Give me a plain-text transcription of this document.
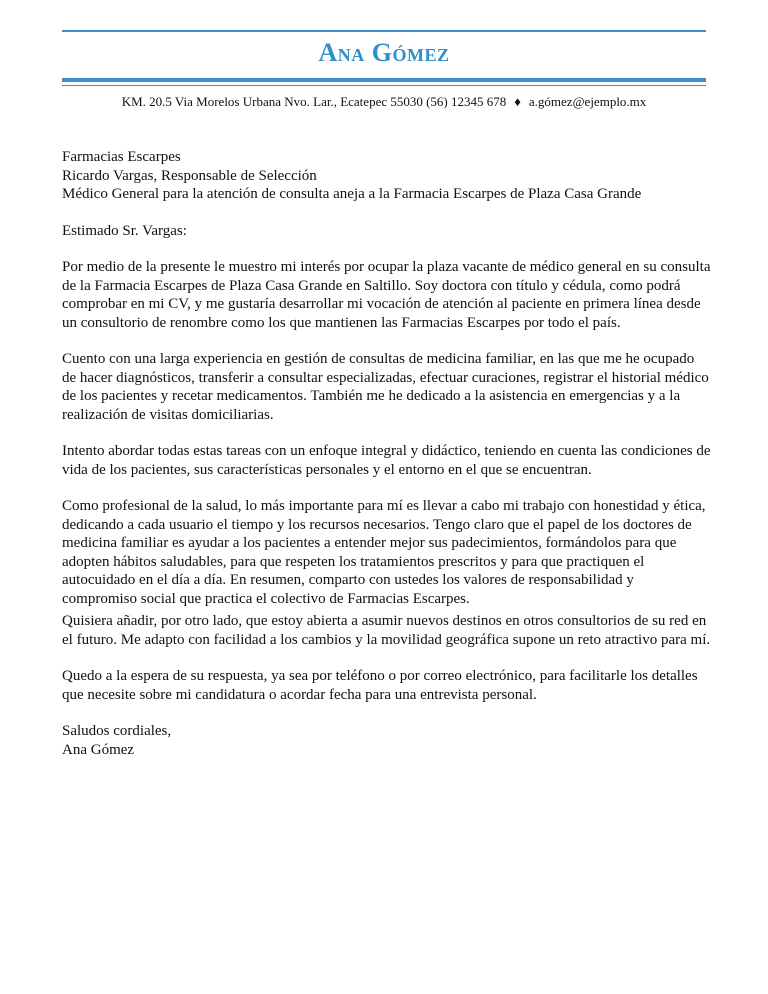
Ana Gómez
KM. 20.5 Via Morelos Urbana Nvo. Lar., Ecatepec 55030 (56) 12345 678 ♦ a.gómez@ejemplo.mx

Farmacias Escarpes

Ricardo Vargas, Responsable de Selección

Médico General para la atención de consulta aneja a la Farmacia Escarpes de Plaza Casa Grande

Estimado Sr. Vargas:

Por medio de la presente le muestro mi interés por ocupar la plaza vacante de médico general en su consulta de la Farmacia Escarpes de Plaza Casa Grande en Saltillo. Soy doctora con título y cédula, como podrá comprobar en mi CV, y me gustaría desarrollar mi vocación de atención al paciente en primera línea desde un consultorio de renombre como los que mantienen las Farmacias Escarpes por todo el país.

Cuento con una larga experiencia en gestión de consultas de medicina familiar, en las que me he ocupado de hacer diagnósticos, transferir a consultar especializadas, efectuar curaciones, registrar el historial médico de los pacientes y recetar medicamentos. También me he dedicado a la asistencia en emergencias y a la realización de visitas domiciliarias.

Intento abordar todas estas tareas con un enfoque integral y didáctico, teniendo en cuenta las condiciones de vida de los pacientes, sus características personales y el entorno en el que se encuentran.

Como profesional de la salud, lo más importante para mí es llevar a cabo mi trabajo con honestidad y ética, dedicando a cada usuario el tiempo y los recursos necesarios. Tengo claro que el papel de los doctores de medicina familiar es ayudar a los pacientes a entender mejor sus padecimientos, formándolos para que adopten hábitos saludables, para que respeten los tratamientos prescritos y para que practiquen el autocuidado en el día a día. En resumen, comparto con ustedes los valores de responsabilidad y compromiso social que practica el colectivo de Farmacias Escarpes.

Quisiera añadir, por otro lado, que estoy abierta a asumir nuevos destinos en otros consultorios de su red en el futuro. Me adapto con facilidad a los cambios y la movilidad geográfica supone un reto atractivo para mí.

Quedo a la espera de su respuesta, ya sea por teléfono o por correo electrónico, para facilitarle los detalles que necesite sobre mi candidatura o acordar fecha para una entrevista personal.

Saludos cordiales,

Ana Gómez
